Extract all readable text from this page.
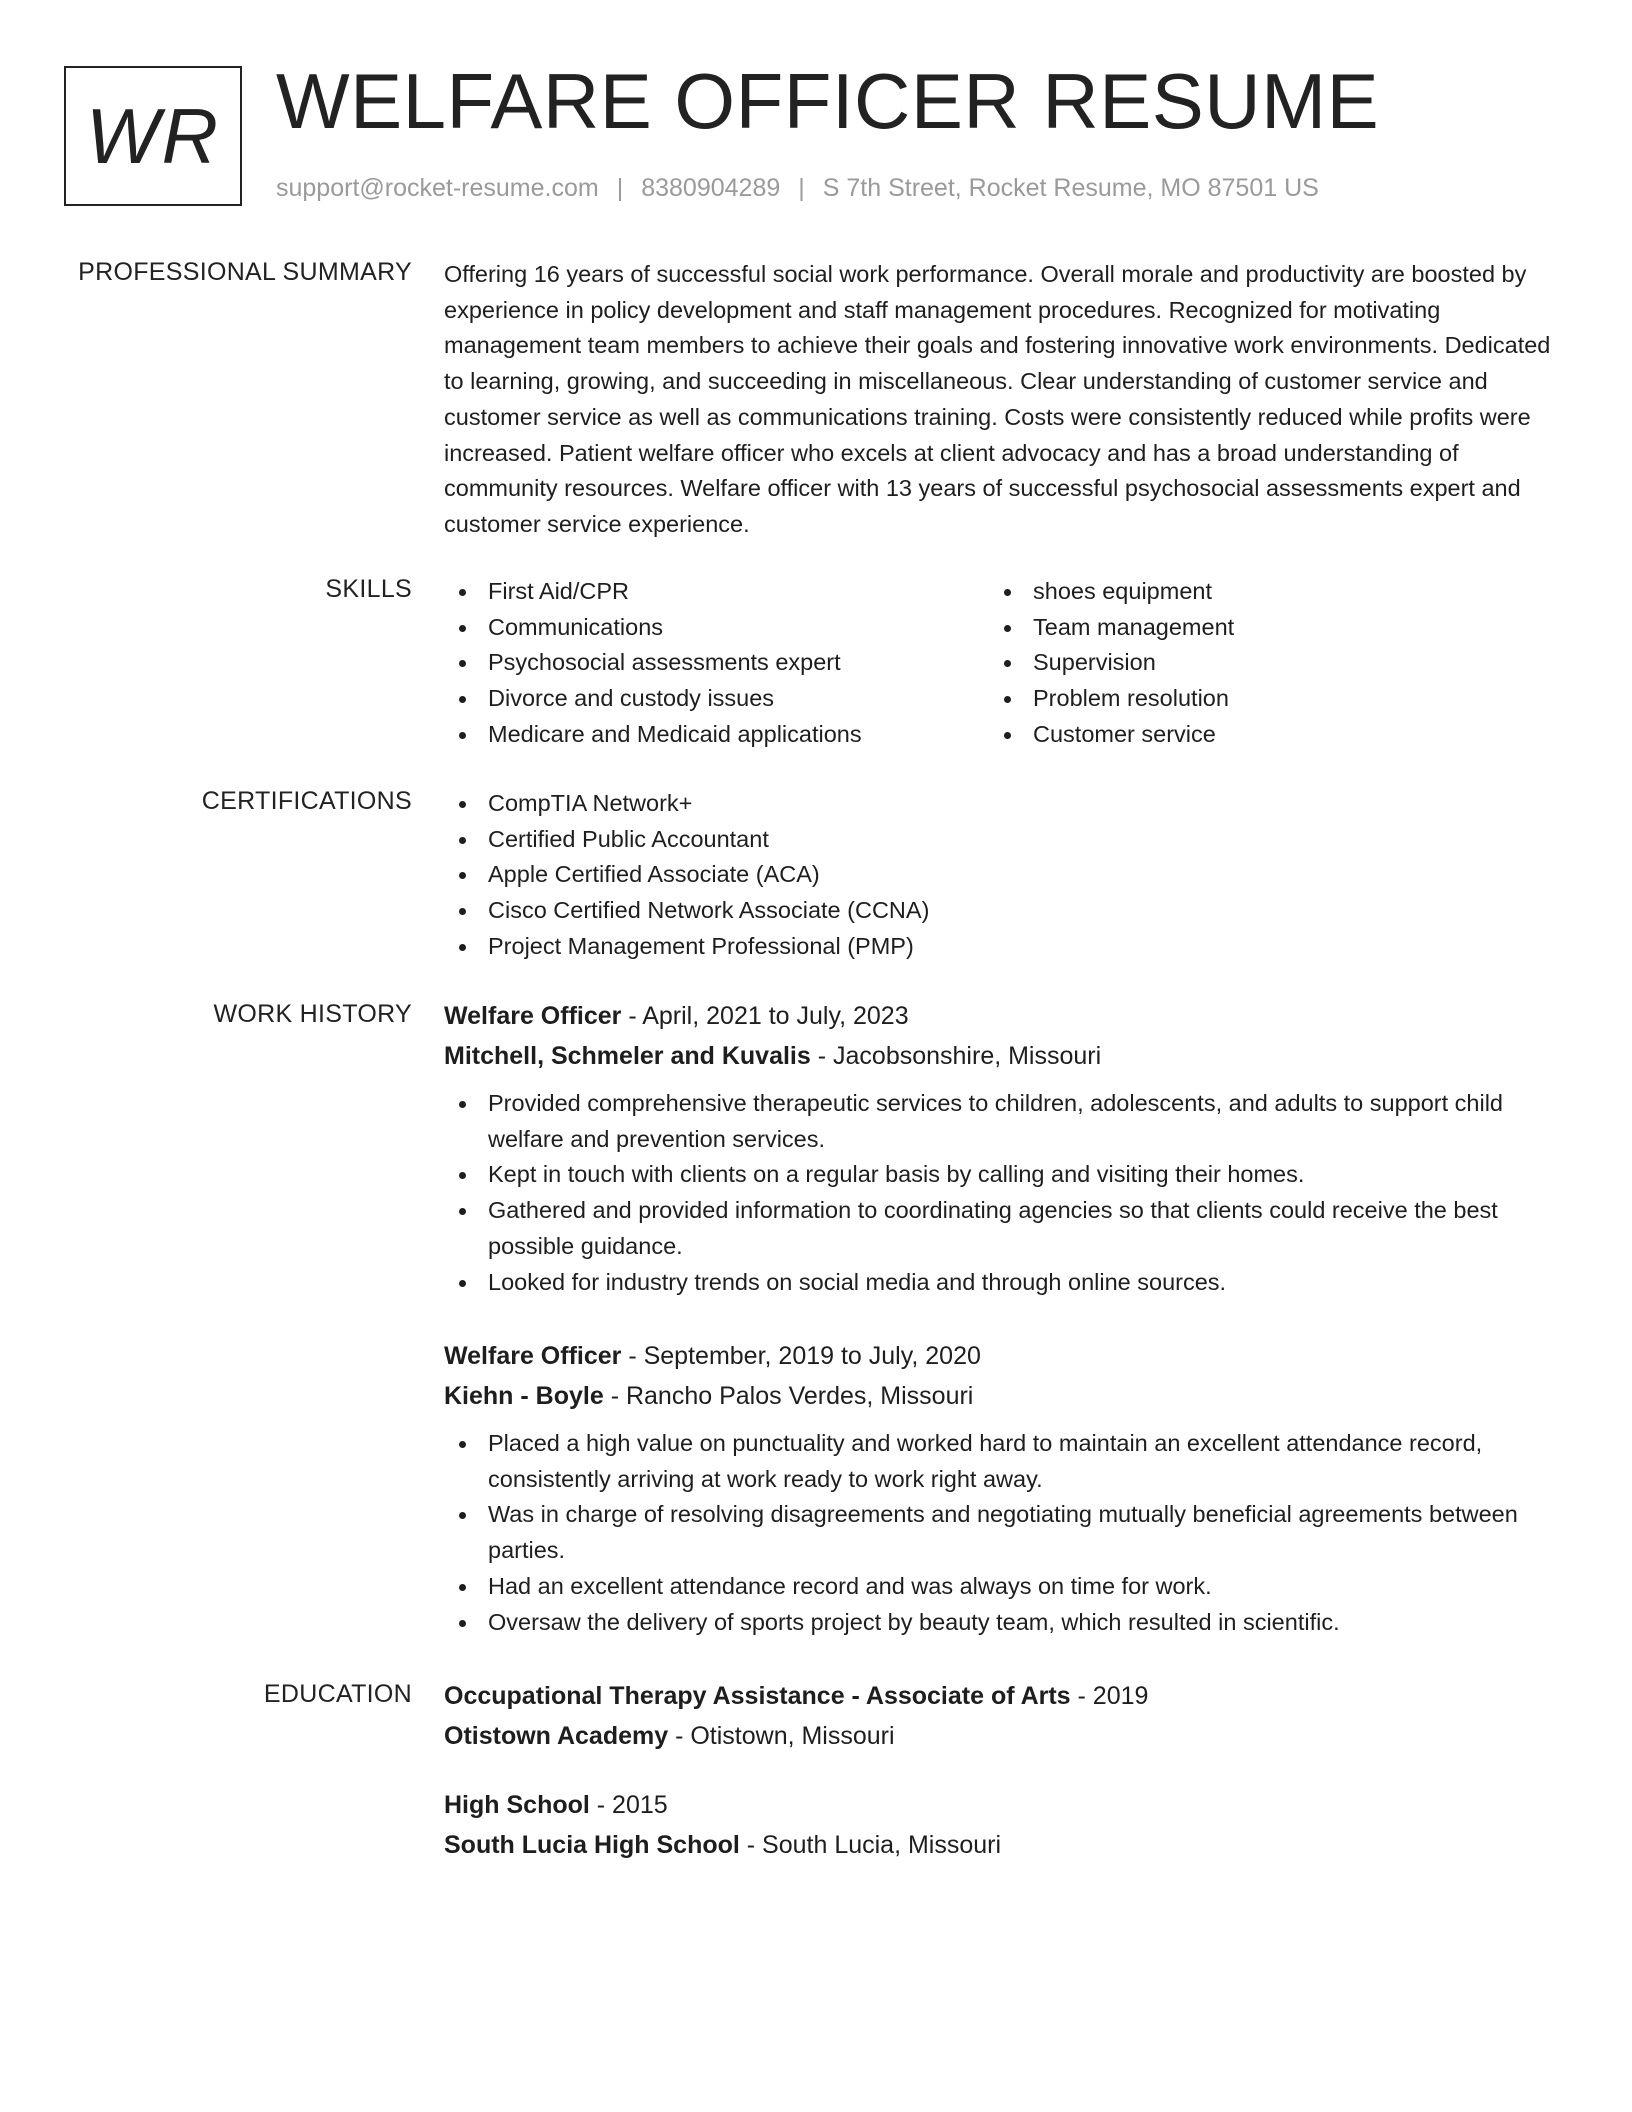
WR WELFARE OFFICER RESUME
support@rocket-resume.com | 8380904289 | S 7th Street, Rocket Resume, MO 87501 US
PROFESSIONAL SUMMARY Offering 16 years of successful social work performance. Overall morale and productivity are boosted by experience in policy development and staff management procedures. Recognized for motivating management team members to achieve their goals and fostering innovative work environments. Dedicated to learning, growing, and succeeding in miscellaneous. Clear understanding of customer service and customer service as well as communications training. Costs were consistently reduced while profits were increased. Patient welfare officer who excels at client advocacy and has a broad understanding of community resources. Welfare officer with 13 years of successful psychosocial assessments expert and customer service experience.
SKILLS	First Aid/CPR
Communications
Psychosocial assessments expert
Divorce and custody issues
Medicare and Medicaid applications
shoes equipment
Team management
Supervision
Problem resolution
Customer service
CERTIFICATIONS	CompTIA Network+
Certified Public Accountant
Apple Certified Associate (ACA)
Cisco Certified Network Associate (CCNA)
Project Management Professional (PMP)
WORK HISTORY Welfare Officer - April, 2021 to July, 2023
Mitchell, Schmeler and Kuvalis - Jacobsonshire, Missouri
Provided comprehensive therapeutic services to children, adolescents, and adults to support child welfare and prevention services.
Kept in touch with clients on a regular basis by calling and visiting their homes.
Gathered and provided information to coordinating agencies so that clients could receive the best possible guidance.
Looked for industry trends on social media and through online sources.
Welfare Officer - September, 2019 to July, 2020
Kiehn - Boyle - Rancho Palos Verdes, Missouri
Placed a high value on punctuality and worked hard to maintain an excellent attendance record, consistently arriving at work ready to work right away.
Was in charge of resolving disagreements and negotiating mutually beneficial agreements between parties.
Had an excellent attendance record and was always on time for work.
Oversaw the delivery of sports project by beauty team, which resulted in scientific.
EDUCATION Occupational Therapy Assistance - Associate of Arts - 2019
Otistown Academy - Otistown, Missouri
High School - 2015
South Lucia High School - South Lucia, Missouri
